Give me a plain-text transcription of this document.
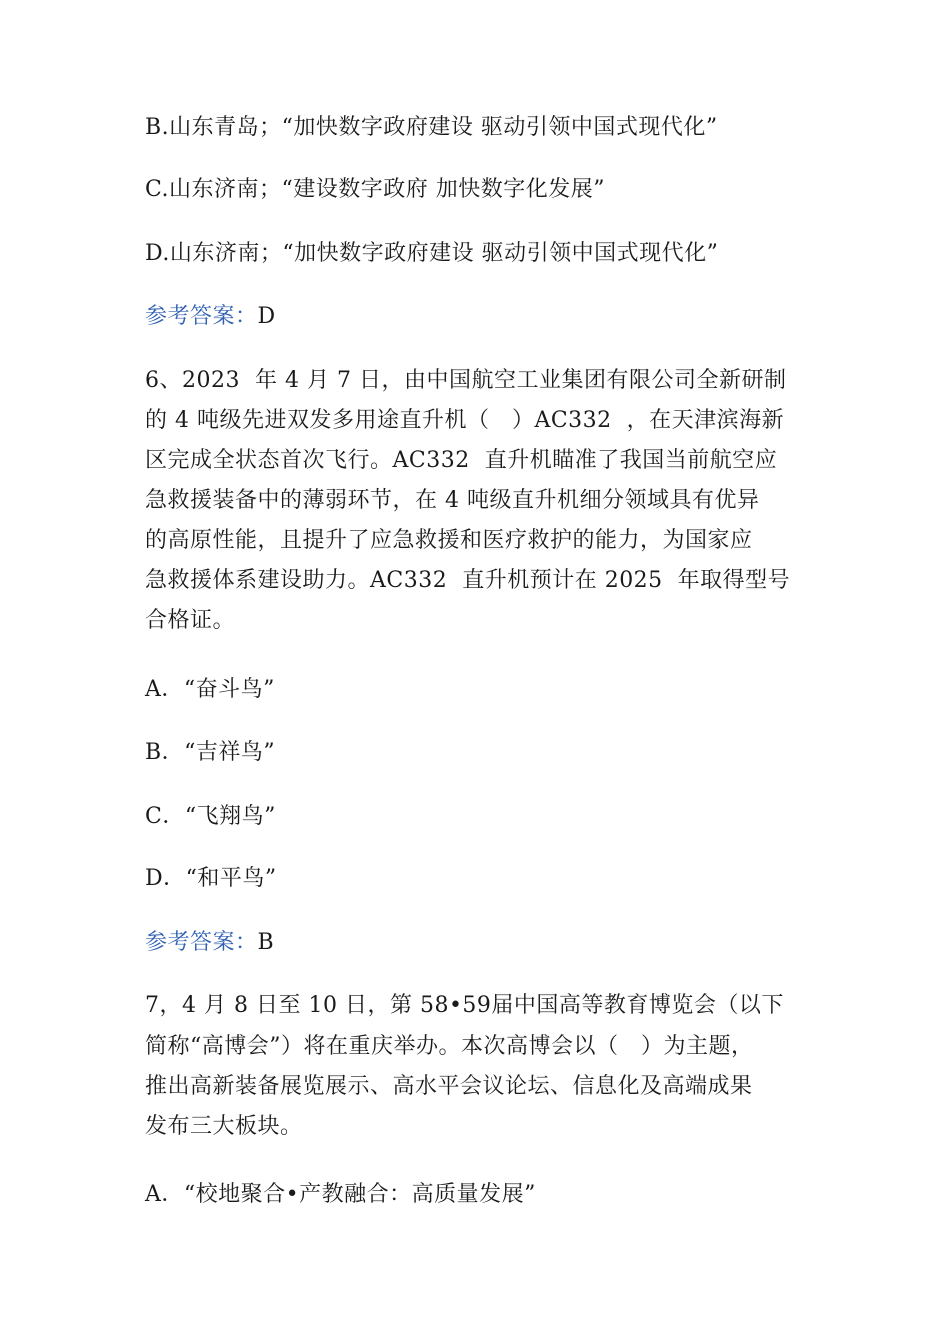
B.山东青岛；“加快数字政府建设 驱动引领中国式现代化”
C.山东济南；“建设数字政府 加快数字化发展”
D.山东济南；“加快数字政府建设 驱动引领中国式现代化”
参考答案：D
6、2023  年 4 月 7 日，由中国航空工业集团有限公司全新研制
的 4 吨级先进双发多用途直升机（   ）AC332  ，在天津滨海新
区完成全状态首次飞行。AC332  直升机瞄准了我国当前航空应
急救援装备中的薄弱环节，在 4 吨级直升机细分领域具有优异
的高原性能，且提升了应急救援和医疗救护的能力，为国家应
急救援体系建设助力。AC332  直升机预计在 2025  年取得型号
合格证。
A．“奋斗鸟”
B．“吉祥鸟”
C．“飞翔鸟”
D．“和平鸟”
参考答案：B
7，4 月 8 日至 10 日，第 58•59届中国高等教育博览会（以下
简称“高博会”）将在重庆举办。本次高博会以（   ）为主题，
推出高新装备展览展示、高水平会议论坛、信息化及高端成果
发布三大板块。
A．“校地聚合•产教融合：高质量发展”
